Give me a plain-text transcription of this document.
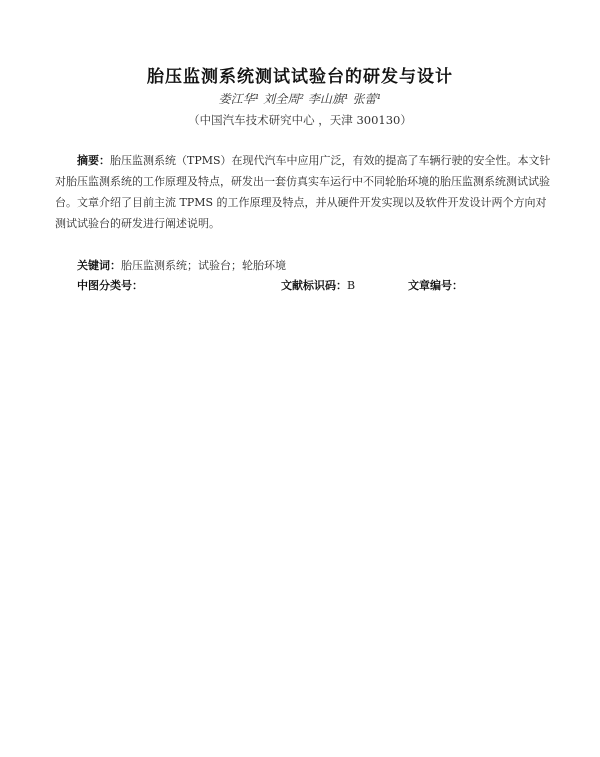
胎压监测系统测试试验台的研发与设计
娄江华¹ 刘全周² 李山旗¹ 张蕾¹
（中国汽车技术研究中心 ，天津 300130）
摘要：胎压监测系统（TPMS）在现代汽车中应用广泛，有效的提高了车辆行驶的安全性。本文针对胎压监测系统的工作原理及特点，研发出一套仿真实车运行中不同轮胎环境的胎压监测系统测试试验台。文章介绍了目前主流 TPMS 的工作原理及特点，并从硬件开发实现以及软件开发设计两个方向对测试试验台的研发进行阐述说明。
关键词：胎压监测系统；试验台；轮胎环境
中图分类号：	文献标识码：B	文章编号：
